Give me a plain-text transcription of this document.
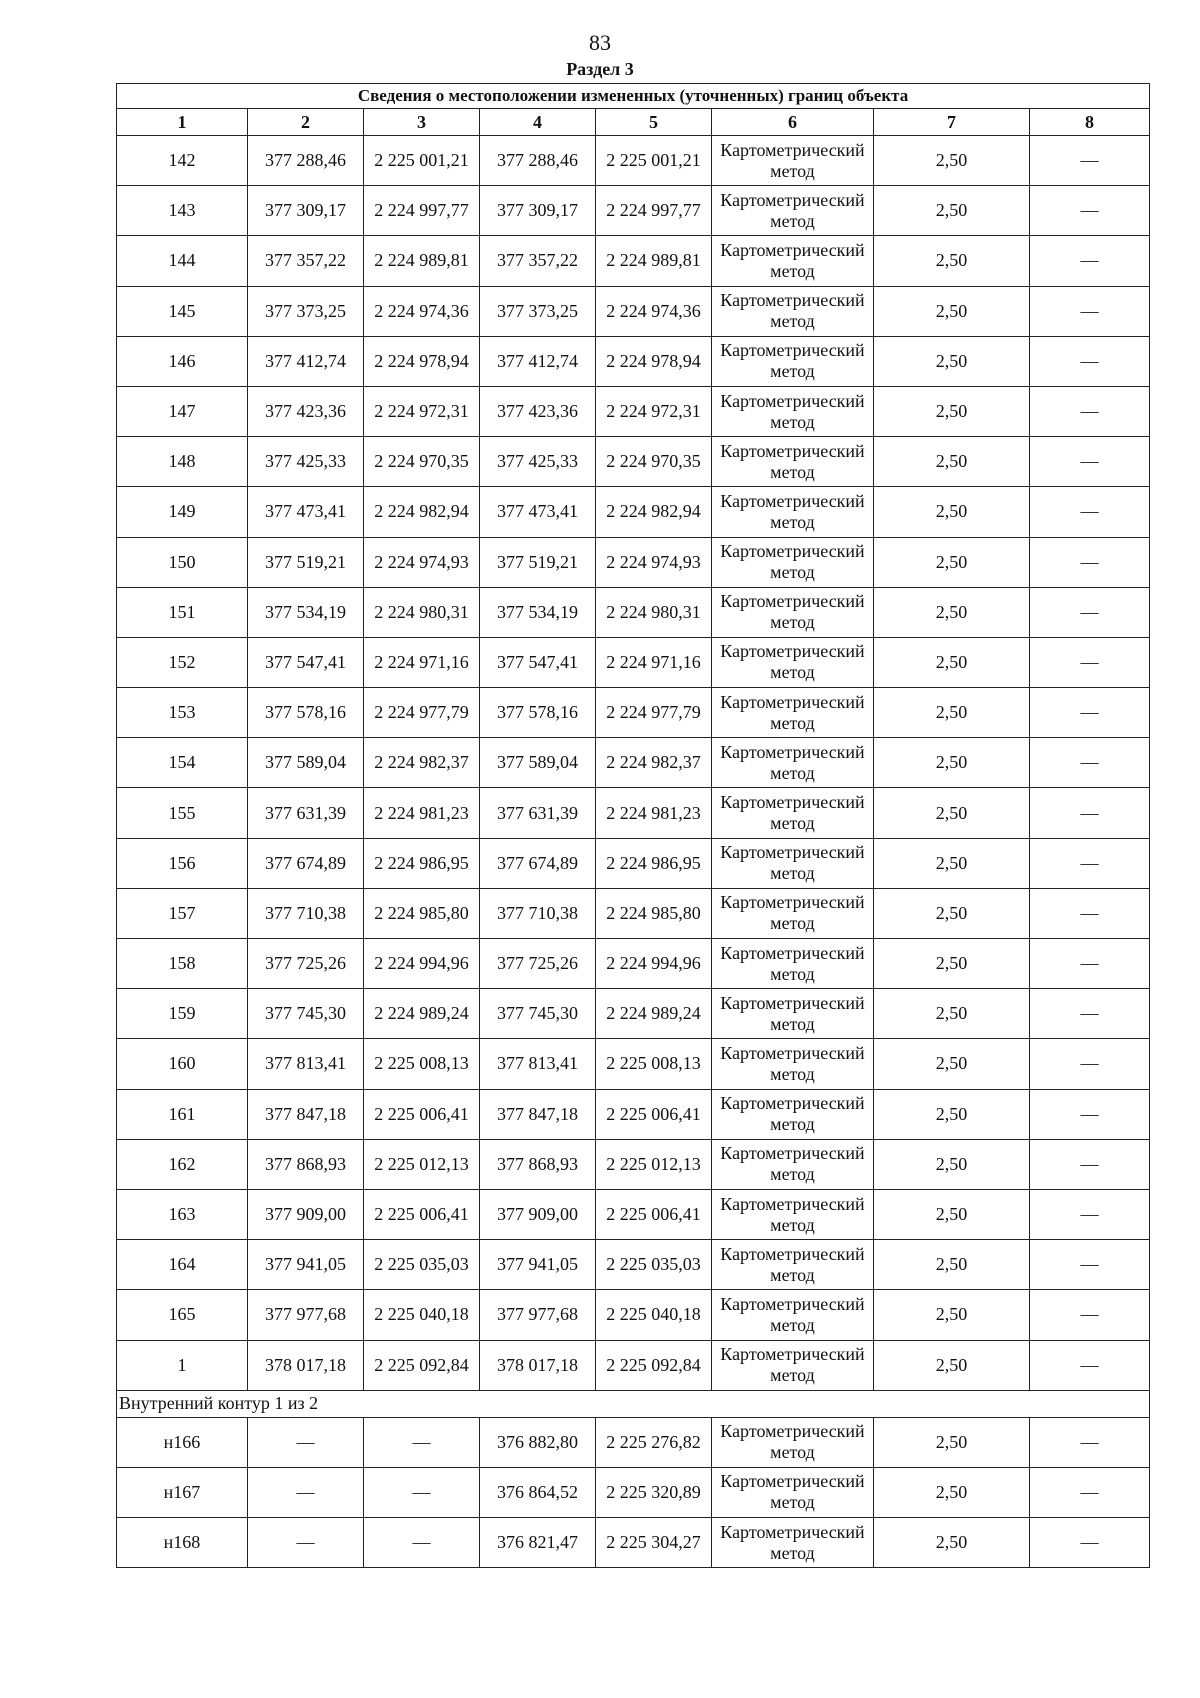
83
Раздел 3
Сведения о местоположении измененных (уточненных) границ объекта							
1	2	3	4	5	6	7	8
142	377 288,46	2 225 001,21	377 288,46	2 225 001,21	Картометрический метод	2,50	—
143	377 309,17	2 224 997,77	377 309,17	2 224 997,77	Картометрический метод	2,50	—
144	377 357,22	2 224 989,81	377 357,22	2 224 989,81	Картометрический метод	2,50	—
145	377 373,25	2 224 974,36	377 373,25	2 224 974,36	Картометрический метод	2,50	—
146	377 412,74	2 224 978,94	377 412,74	2 224 978,94	Картометрический метод	2,50	—
147	377 423,36	2 224 972,31	377 423,36	2 224 972,31	Картометрический метод	2,50	—
148	377 425,33	2 224 970,35	377 425,33	2 224 970,35	Картометрический метод	2,50	—
149	377 473,41	2 224 982,94	377 473,41	2 224 982,94	Картометрический метод	2,50	—
150	377 519,21	2 224 974,93	377 519,21	2 224 974,93	Картометрический метод	2,50	—
151	377 534,19	2 224 980,31	377 534,19	2 224 980,31	Картометрический метод	2,50	—
152	377 547,41	2 224 971,16	377 547,41	2 224 971,16	Картометрический метод	2,50	—
153	377 578,16	2 224 977,79	377 578,16	2 224 977,79	Картометрический метод	2,50	—
154	377 589,04	2 224 982,37	377 589,04	2 224 982,37	Картометрический метод	2,50	—
155	377 631,39	2 224 981,23	377 631,39	2 224 981,23	Картометрический метод	2,50	—
156	377 674,89	2 224 986,95	377 674,89	2 224 986,95	Картометрический метод	2,50	—
157	377 710,38	2 224 985,80	377 710,38	2 224 985,80	Картометрический метод	2,50	—
158	377 725,26	2 224 994,96	377 725,26	2 224 994,96	Картометрический метод	2,50	—
159	377 745,30	2 224 989,24	377 745,30	2 224 989,24	Картометрический метод	2,50	—
160	377 813,41	2 225 008,13	377 813,41	2 225 008,13	Картометрический метод	2,50	—
161	377 847,18	2 225 006,41	377 847,18	2 225 006,41	Картометрический метод	2,50	—
162	377 868,93	2 225 012,13	377 868,93	2 225 012,13	Картометрический метод	2,50	—
163	377 909,00	2 225 006,41	377 909,00	2 225 006,41	Картометрический метод	2,50	—
164	377 941,05	2 225 035,03	377 941,05	2 225 035,03	Картометрический метод	2,50	—
165	377 977,68	2 225 040,18	377 977,68	2 225 040,18	Картометрический метод	2,50	—
1	378 017,18	2 225 092,84	378 017,18	2 225 092,84	Картометрический метод	2,50	—
Внутренний контур 1 из 2							
н166	—	—	376 882,80	2 225 276,82	Картометрический метод	2,50	—
н167	—	—	376 864,52	2 225 320,89	Картометрический метод	2,50	—
н168	—	—	376 821,47	2 225 304,27	Картометрический метод	2,50	—
